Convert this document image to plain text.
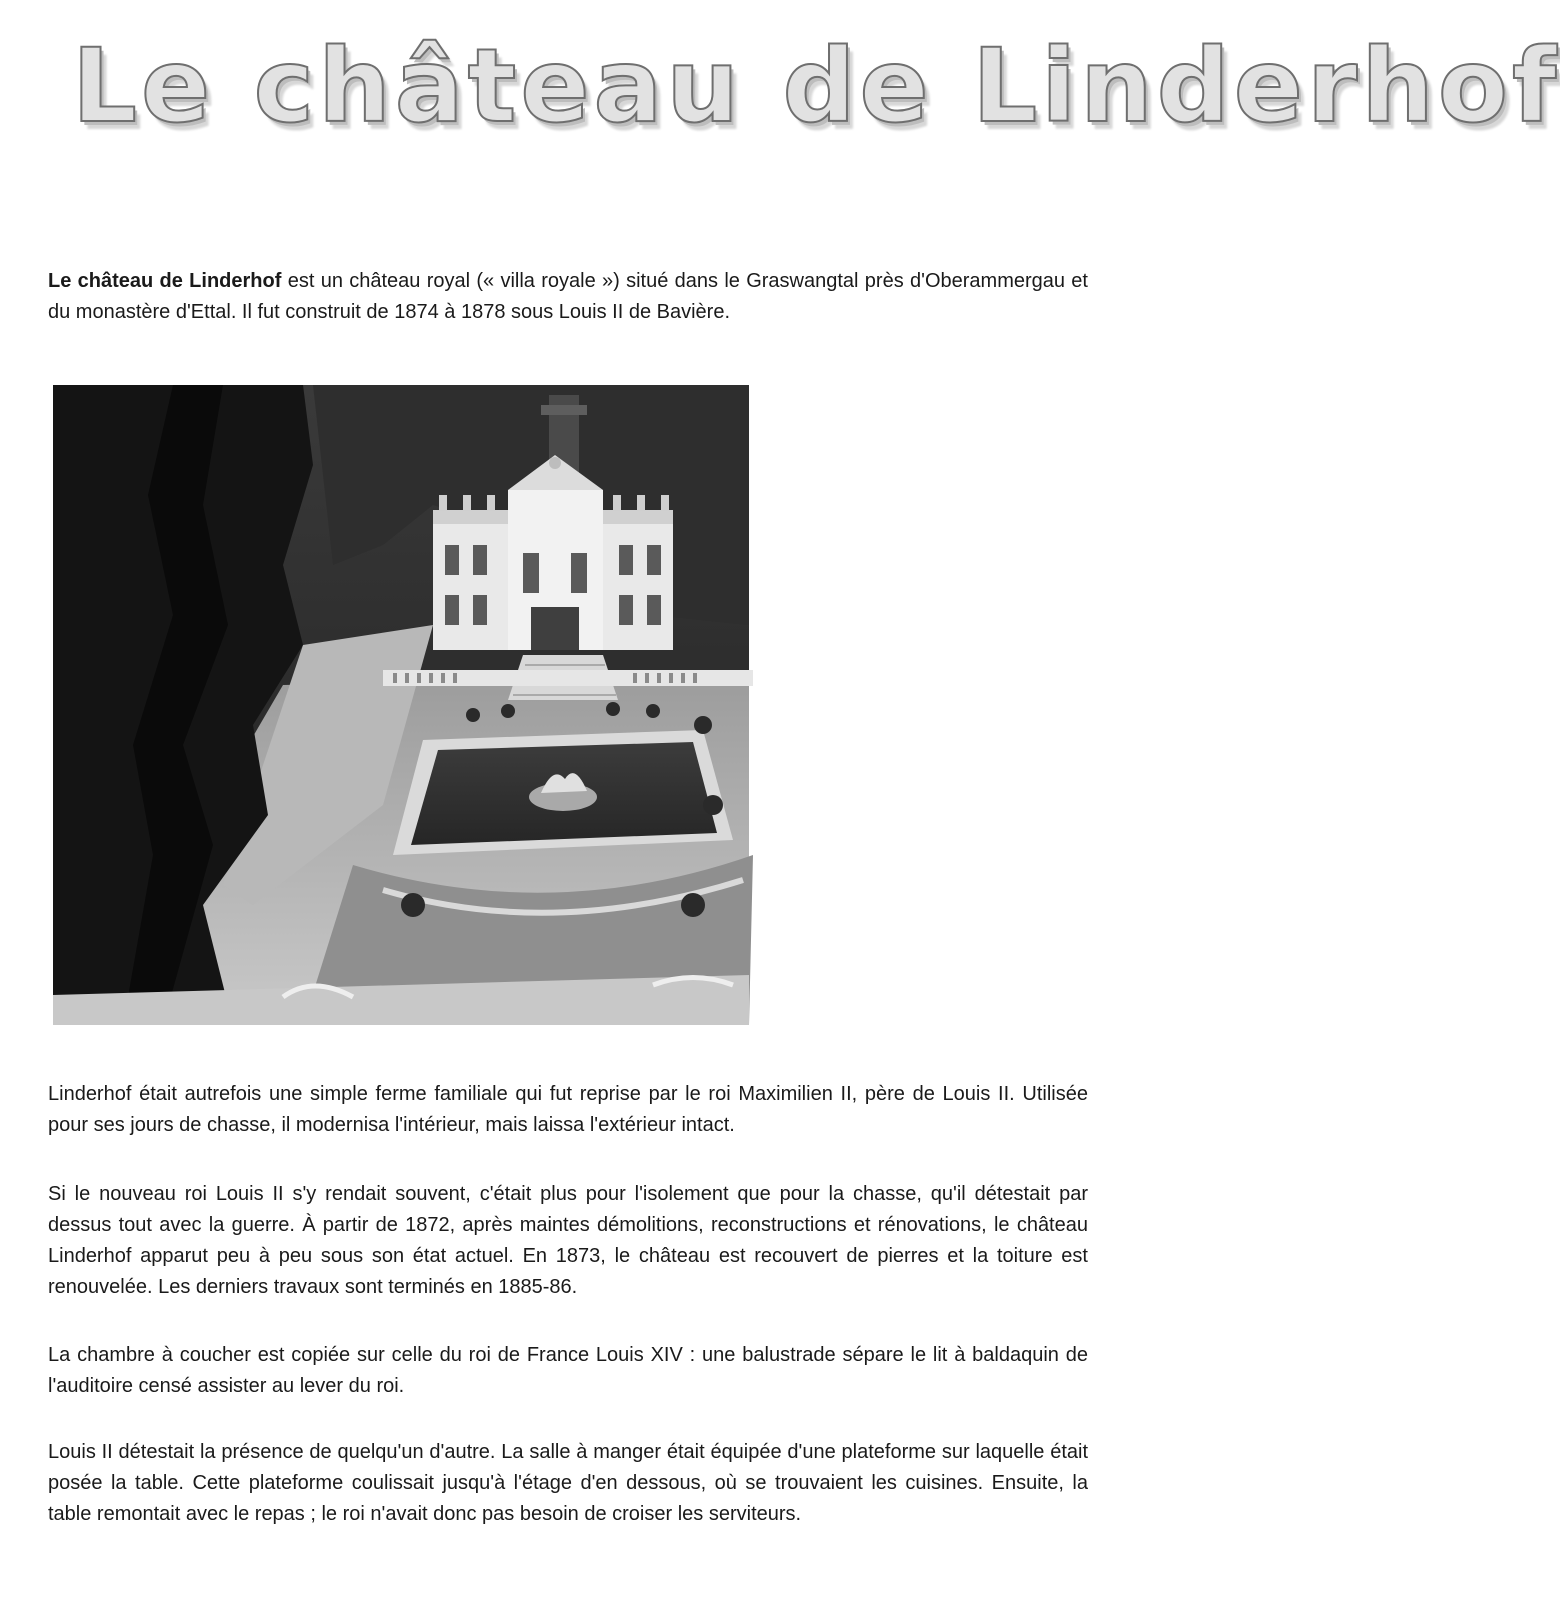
Le château de Linderhof

Le château de Linderhof est un château royal (« villa royale ») situé dans le Graswangtal près d'Oberammergau et du monastère d'Ettal. Il fut construit de 1874 à 1878 sous Louis II de Bavière.

Linderhof était autrefois une simple ferme familiale qui fut reprise par le roi Maximilien II, père de Louis II. Utilisée pour ses jours de chasse, il modernisa l'intérieur, mais laissa l'extérieur intact.

Si le nouveau roi Louis II s'y rendait souvent, c'était plus pour l'isolement que pour la chasse, qu'il détestait par dessus tout avec la guerre. À partir de 1872, après maintes démolitions, reconstructions et rénovations, le château Linderhof apparut peu à peu sous son état actuel. En 1873, le château est recouvert de pierres et la toiture est renouvelée. Les derniers travaux sont terminés en 1885-86.

La chambre à coucher est copiée sur celle du roi de France Louis XIV : une balustrade sépare le lit à baldaquin de l'auditoire censé assister au lever du roi.

Louis II détestait la présence de quelqu'un d'autre. La salle à manger était équipée d'une plateforme sur laquelle était posée la table. Cette plateforme coulissait jusqu'à l'étage d'en dessous, où se trouvaient les cuisines. Ensuite, la table remontait avec le repas ; le roi n'avait donc pas besoin de croiser les serviteurs.
